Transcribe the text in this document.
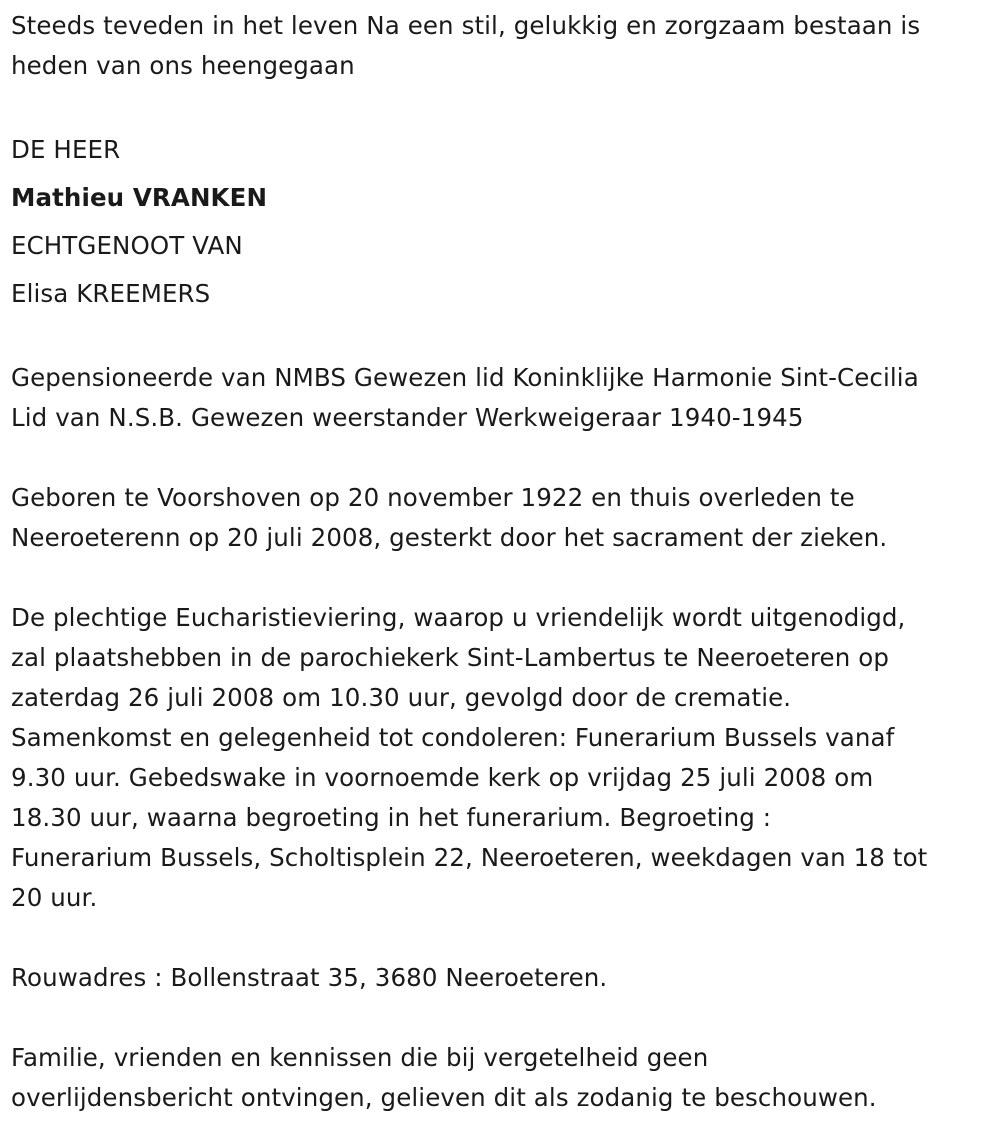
Steeds teveden in het leven Na een stil, gelukkig en zorgzaam bestaan is

heden van ons heengegaan

DE HEER

Mathieu VRANKEN

ECHTGENOOT VAN

Elisa KREEMERS

Gepensioneerde van NMBS Gewezen lid Koninklijke Harmonie Sint-Cecilia

Lid van N.S.B. Gewezen weerstander Werkweigeraar 1940-1945

Geboren te Voorshoven op 20 november 1922 en thuis overleden te

Neeroeterenn op 20 juli 2008, gesterkt door het sacrament der zieken.

De plechtige Eucharistieviering, waarop u vriendelijk wordt uitgenodigd,

zal plaatshebben in de parochiekerk Sint-Lambertus te Neeroeteren op

zaterdag 26 juli 2008 om 10.30 uur, gevolgd door de crematie.

Samenkomst en gelegenheid tot condoleren: Funerarium Bussels vanaf

9.30 uur. Gebedswake in voornoemde kerk op vrijdag 25 juli 2008 om

18.30 uur, waarna begroeting in het funerarium. Begroeting :

Funerarium Bussels, Scholtisplein 22, Neeroeteren, weekdagen van 18 tot

20 uur.

Rouwadres : Bollenstraat 35, 3680 Neeroeteren.

Familie, vrienden en kennissen die bij vergetelheid geen

overlijdensbericht ontvingen, gelieven dit als zodanig te beschouwen.
